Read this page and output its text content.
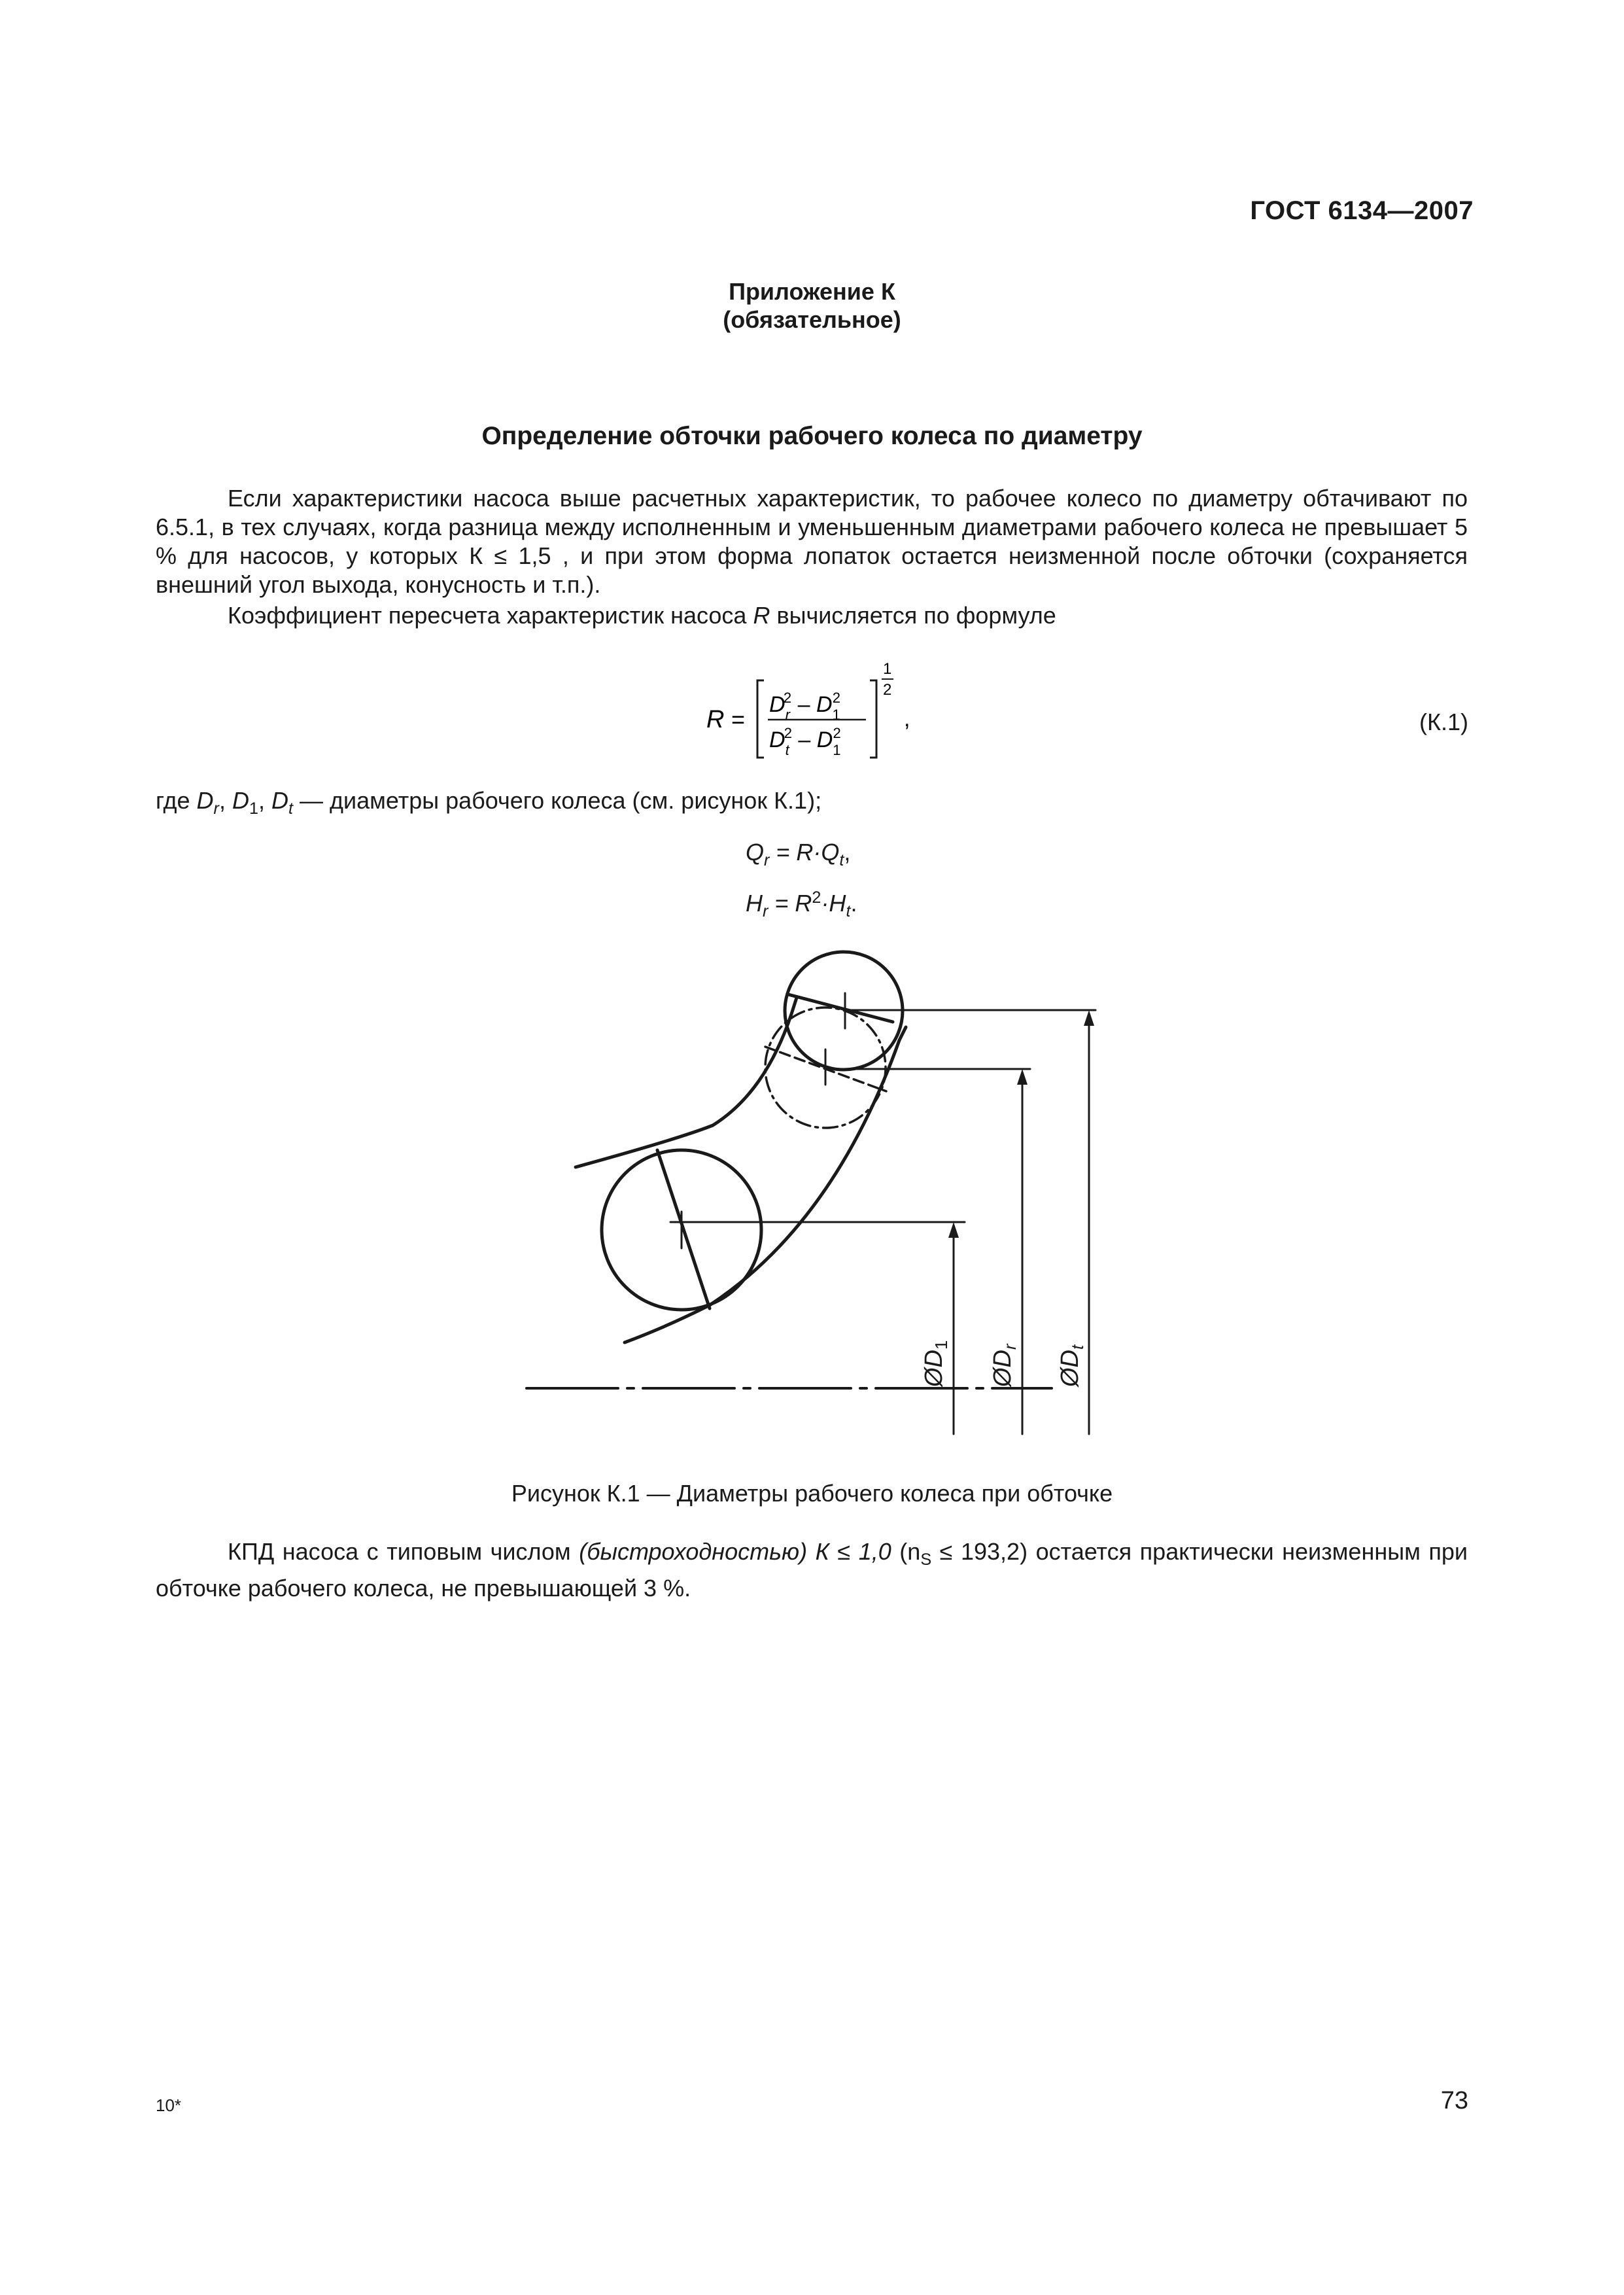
ГОСТ 6134—2007
Приложение К
(обязательное)
Определение обточки рабочего колеса по диаметру
Если характеристики насоса выше расчетных характеристик, то рабочее колесо по диаметру обтачивают по 6.5.1, в тех случаях, когда разница между исполненным и уменьшенным диаметрами рабочего колеса не превышает 5 % для насосов, у которых К ≤ 1,5 , и при этом форма лопаток остается неизменной после обточки (сохраняется внешний угол выхода, конусность и т.п.).
Коэффициент пересчета характеристик насоса R вычисляется по формуле
R =
$D_r2 - D_12$
$D_t2 - D_12$
1
2
,	(К.1)
где $D_r$, $D_1$, $D_t$ — диаметры рабочего колеса (см. рисунок К.1);
$Q_r = R\cdot Q_t$,
$H_r = R^2\cdot H_t$.
$ØD_1$
$ØD_r$
$ØD_t$
Рисунок К.1 — Диаметры рабочего колеса при обточке
КПД насоса с типовым числом (быстроходностью) К ≤ 1,0 $(n_S \le 193,2)$ остается практически неизменным при обточке рабочего колеса, не превышающей 3 %.
10*	73
